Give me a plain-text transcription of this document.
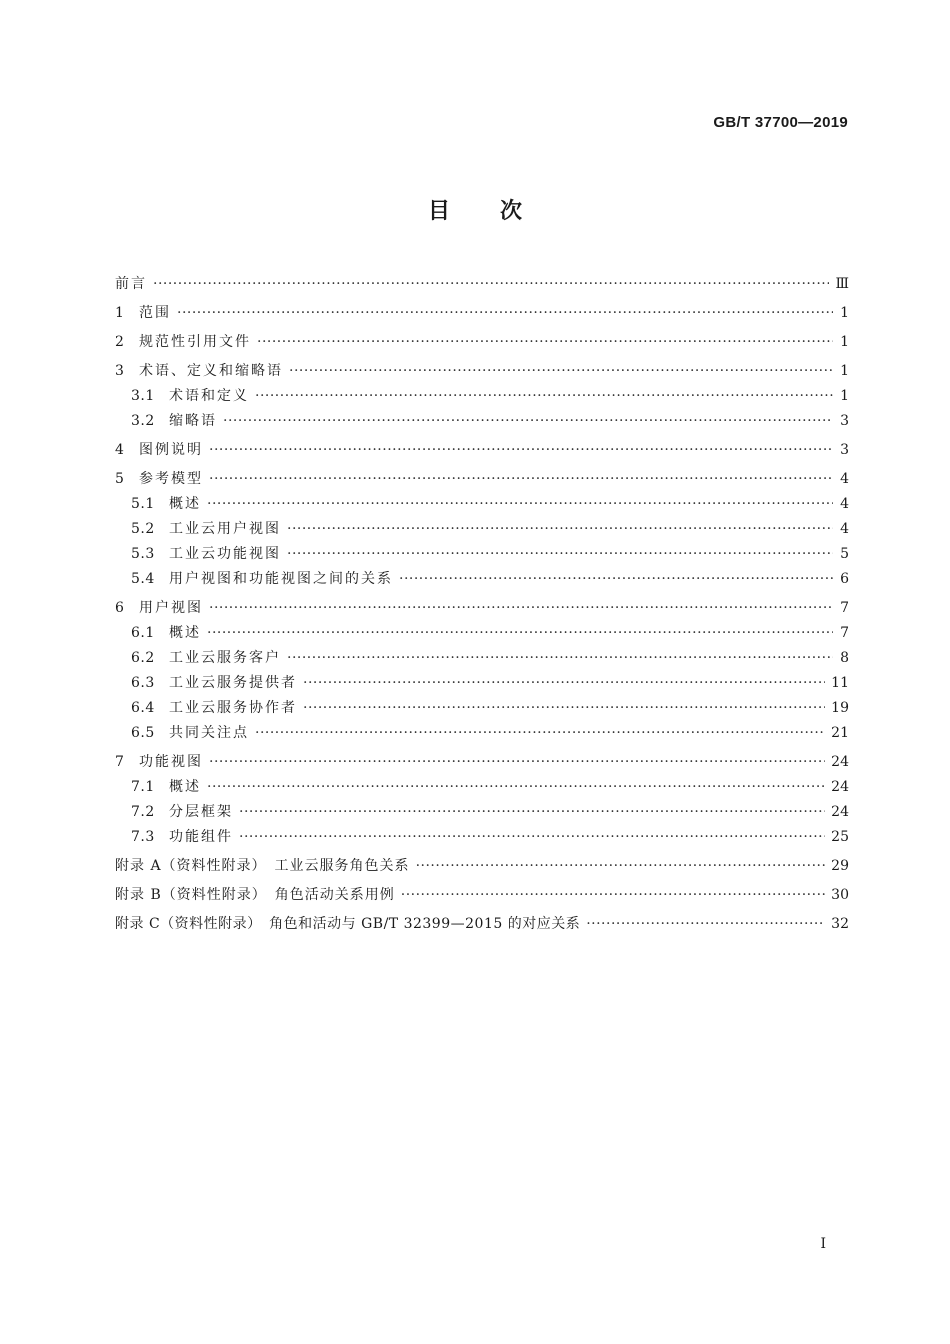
GB/T 37700—2019
目次
前言 ·····	Ⅲ
1	范围 ·····	1
2	规范性引用文件 ·····	1
3	术语、定义和缩略语 ·····	1
3.1	术语和定义 ·····	1
3.2	缩略语 ·····	3
4	图例说明 ·····	3
5	参考模型 ·····	4
5.1	概述 ·····	4
5.2	工业云用户视图 ·····	4
5.3	工业云功能视图 ·····	5
5.4	用户视图和功能视图之间的关系 ·····	6
6	用户视图 ·····	7
6.1	概述 ·····	7
6.2	工业云服务客户 ·····	8
6.3	工业云服务提供者 ·····	11
6.4	工业云服务协作者 ·····	19
6.5	共同关注点 ·····	21
7	功能视图 ·····	24
7.1	概述 ·····	24
7.2	分层框架 ·····	24
7.3	功能组件 ·····	25
附录 A（资料性附录）　工业云服务角色关系 ·····	29
附录 B（资料性附录）　角色活动关系用例 ·····	30
附录 C（资料性附录）　角色和活动与 GB/T 32399—2015 的对应关系 ·····	32
I
